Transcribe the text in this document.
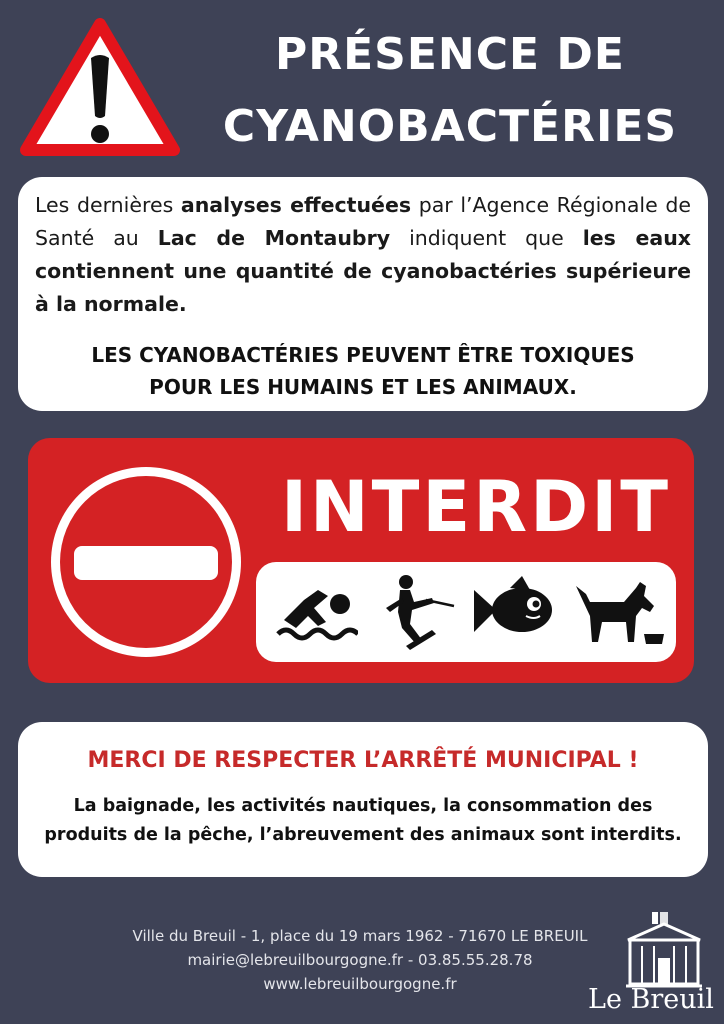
PRÉSENCE DE
CYANOBACTÉRIES

Les dernières analyses effectuées par l’Agence Régionale de Santé au Lac de Montaubry indiquent que les eaux contiennent une quantité de cyanobactéries supérieure à la normale.

LES CYANOBACTÉRIES PEUVENT ÊTRE TOXIQUES
POUR LES HUMAINS ET LES ANIMAUX.

INTERDIT

MERCI DE RESPECTER L’ARRÊTÉ MUNICIPAL !

La baignade, les activités nautiques, la consommation des
produits de la pêche, l’abreuvement des animaux sont interdits.

Ville du Breuil - 1, place du 19 mars 1962 - 71670 LE BREUIL
mairie@lebreuilbourgogne.fr - 03.85.55.28.78
www.lebreuilbourgogne.fr	Le Breuil
